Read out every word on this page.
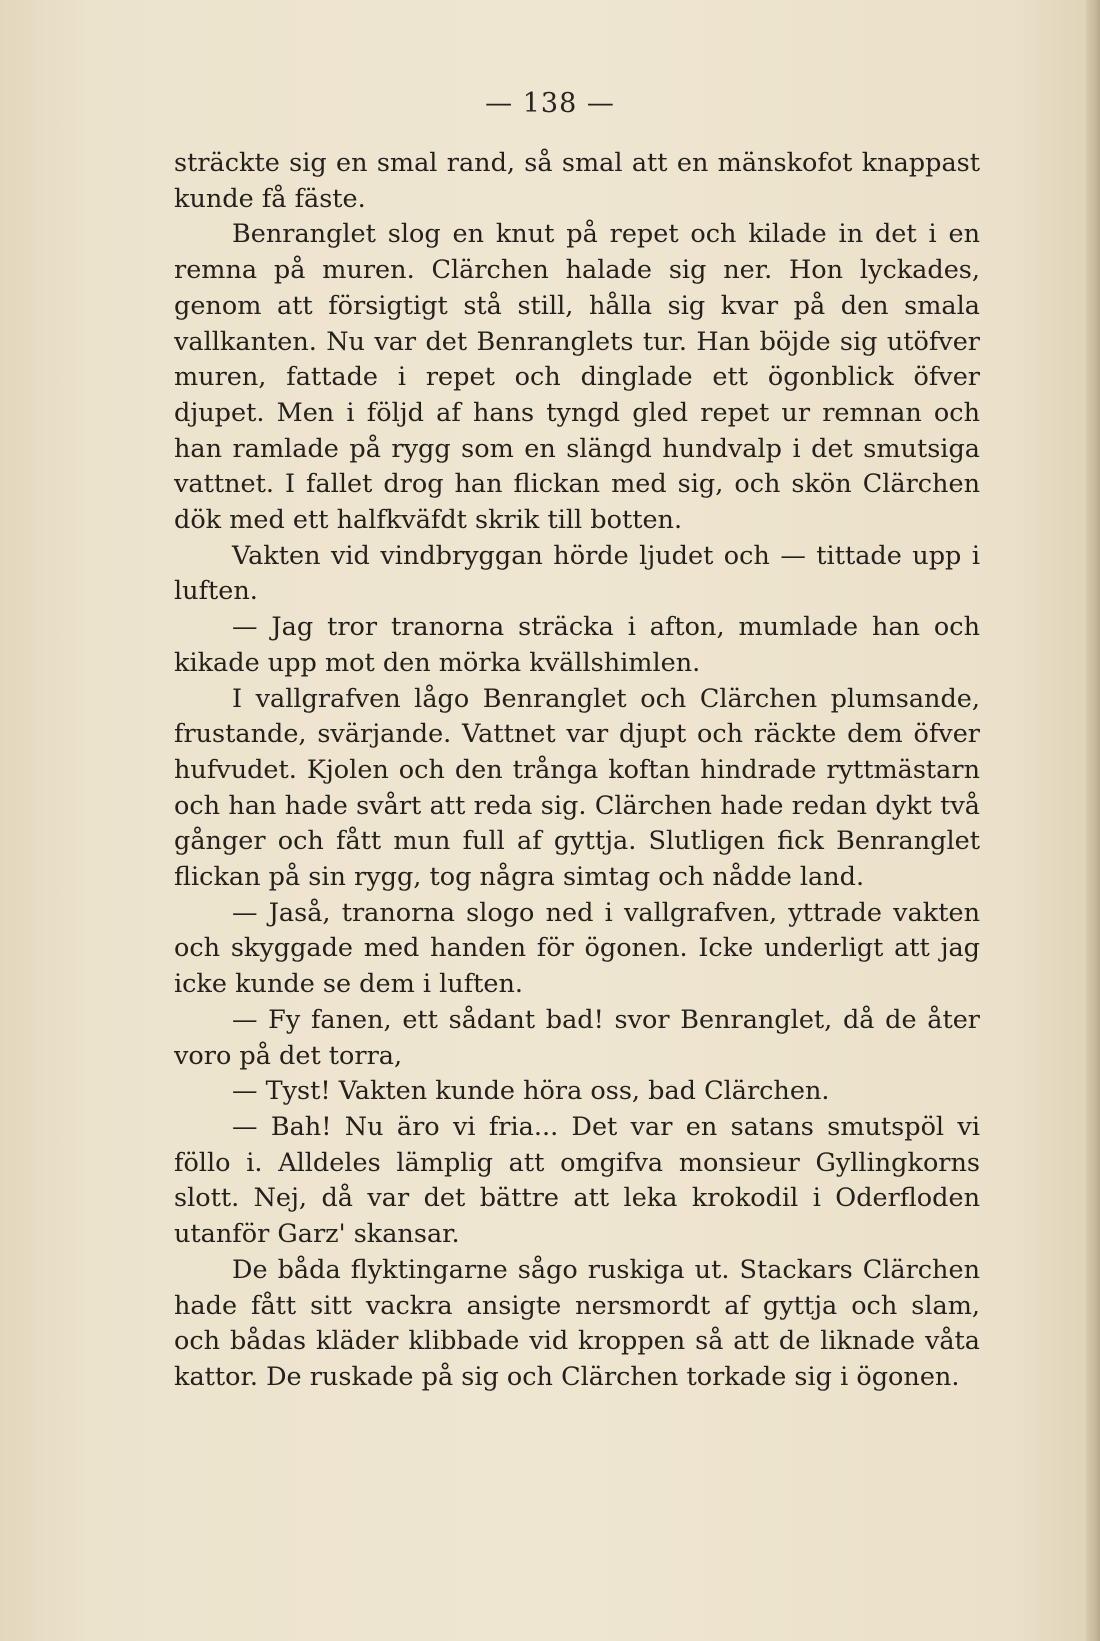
— 138 —

sträckte sig en smal rand, så smal att en mänskofot knappast kunde få fäste.

Benranglet slog en knut på repet och kilade in det i en remna på muren. Clärchen halade sig ner. Hon lyckades, genom att försigtigt stå still, hålla sig kvar på den smala vallkanten. Nu var det Benranglets tur. Han böjde sig utöfver muren, fattade i repet och dinglade ett ögonblick öfver djupet. Men i följd af hans tyngd gled repet ur remnan och han ramlade på rygg som en slängd hundvalp i det smutsiga vattnet. I fallet drog han flickan med sig, och skön Clärchen dök med ett halfkväfdt skrik till botten.

Vakten vid vindbryggan hörde ljudet och — tittade upp i luften.

— Jag tror tranorna sträcka i afton, mumlade han och kikade upp mot den mörka kvällshimlen.

I vallgrafven lågo Benranglet och Clärchen plumsande, frustande, svärjande. Vattnet var djupt och räckte dem öfver hufvudet. Kjolen och den trånga koftan hindrade ryttmästarn och han hade svårt att reda sig. Clärchen hade redan dykt två gånger och fått mun full af gyttja. Slutligen fick Benranglet flickan på sin rygg, tog några simtag och nådde land.

— Jaså, tranorna slogo ned i vallgrafven, yttrade vakten och skyggade med handen för ögonen. Icke underligt att jag icke kunde se dem i luften.

— Fy fanen, ett sådant bad! svor Benranglet, då de åter voro på det torra,

— Tyst! Vakten kunde höra oss, bad Clärchen.

— Bah! Nu äro vi fria... Det var en satans smutspöl vi föllo i. Alldeles lämplig att omgifva monsieur Gyllingkorns slott. Nej, då var det bättre att leka krokodil i Oderfloden utanför Garz' skansar.

De båda flyktingarne sågo ruskiga ut. Stackars Clärchen hade fått sitt vackra ansigte nersmordt af gyttja och slam, och bådas kläder klibbade vid kroppen så att de liknade våta kattor. De ruskade på sig och Clärchen torkade sig i ögonen.
